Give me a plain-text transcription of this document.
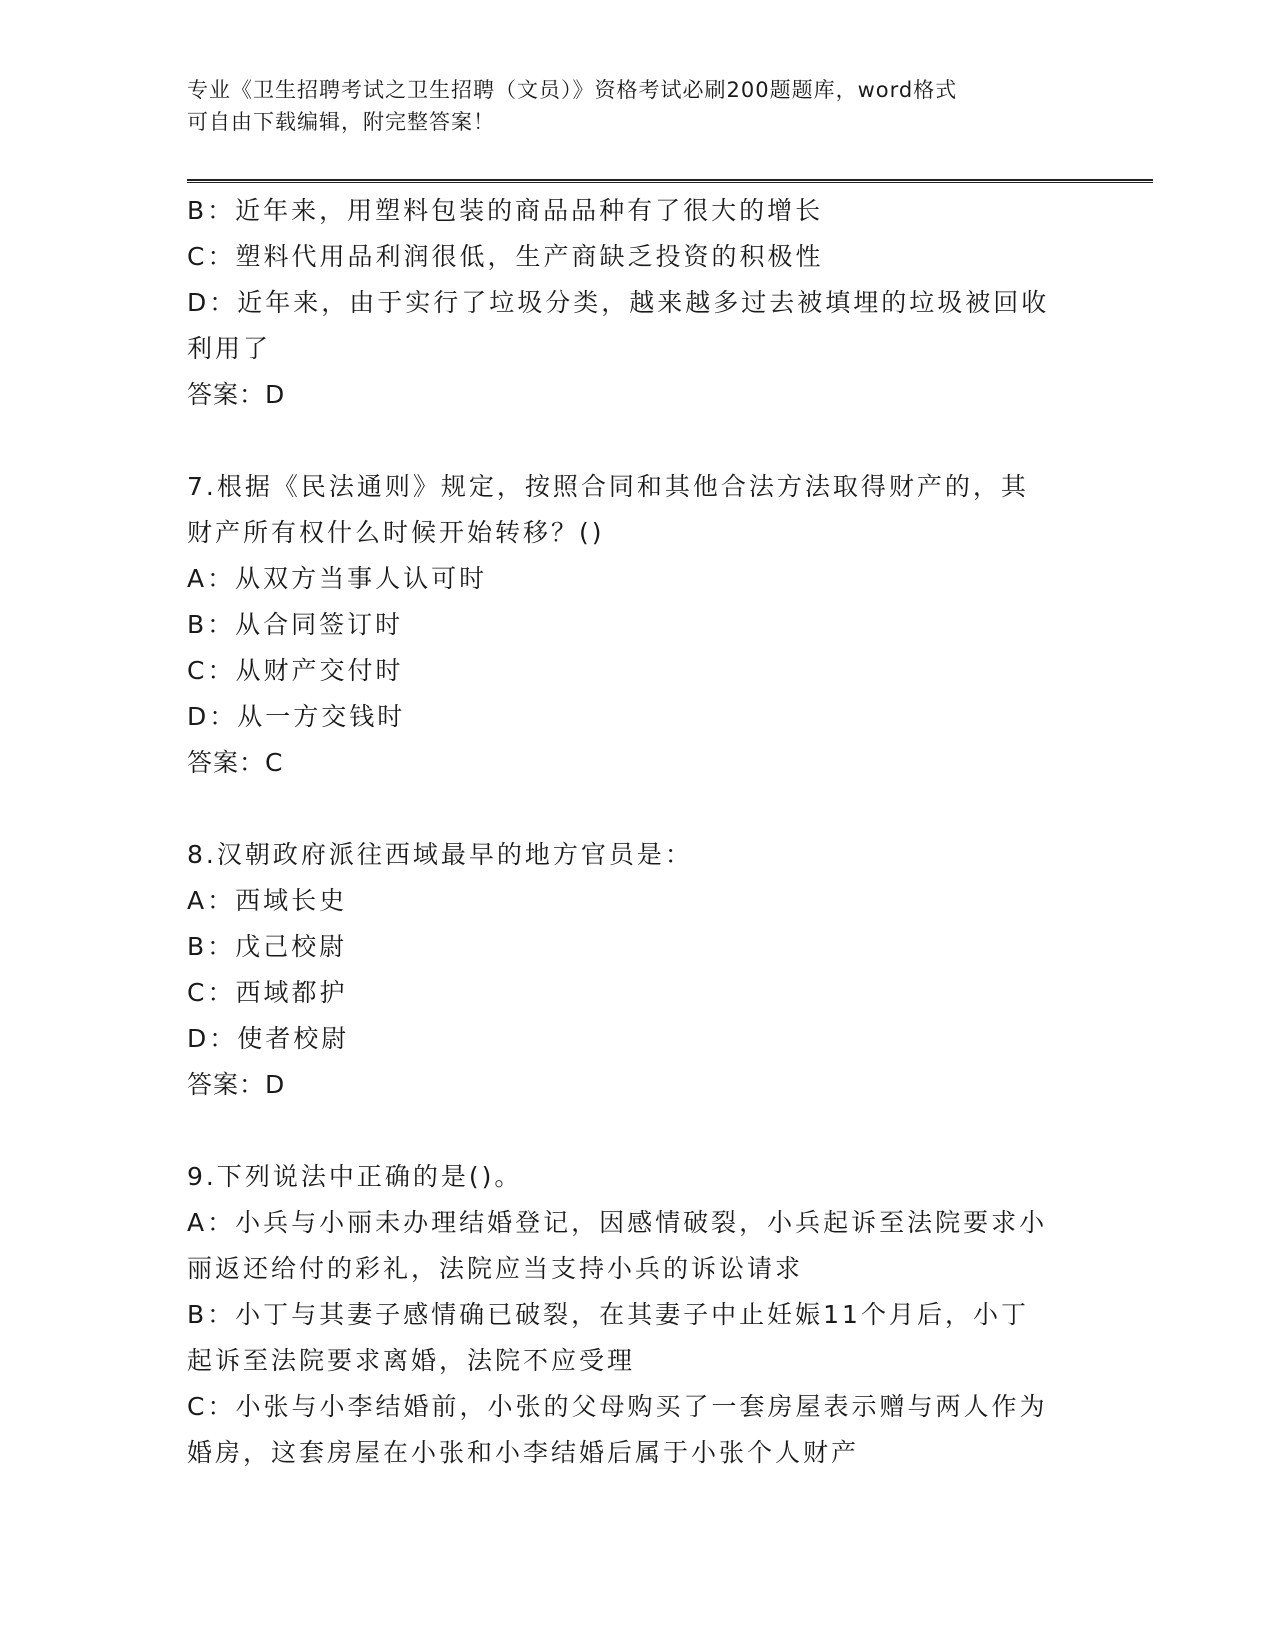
专业《卫生招聘考试之卫生招聘（文员）》资格考试必刷200题题库，word格式
可自由下载编辑，附完整答案！
B：近年来，用塑料包装的商品品种有了很大的增长
C：塑料代用品利润很低，生产商缺乏投资的积极性
D：近年来，由于实行了垃圾分类，越来越多过去被填埋的垃圾被回收
利用了
答案：D
7.根据《民法通则》规定，按照合同和其他合法方法取得财产的，其
财产所有权什么时候开始转移？()
A：从双方当事人认可时
B：从合同签订时
C：从财产交付时
D：从一方交钱时
答案：C
8.汉朝政府派往西域最早的地方官员是：
A：西域长史
B：戊己校尉
C：西域都护
D：使者校尉
答案：D
9.下列说法中正确的是()。
A：小兵与小丽未办理结婚登记，因感情破裂，小兵起诉至法院要求小
丽返还给付的彩礼，法院应当支持小兵的诉讼请求
B：小丁与其妻子感情确已破裂，在其妻子中止妊娠11个月后，小丁
起诉至法院要求离婚，法院不应受理
C：小张与小李结婚前，小张的父母购买了一套房屋表示赠与两人作为
婚房，这套房屋在小张和小李结婚后属于小张个人财产
